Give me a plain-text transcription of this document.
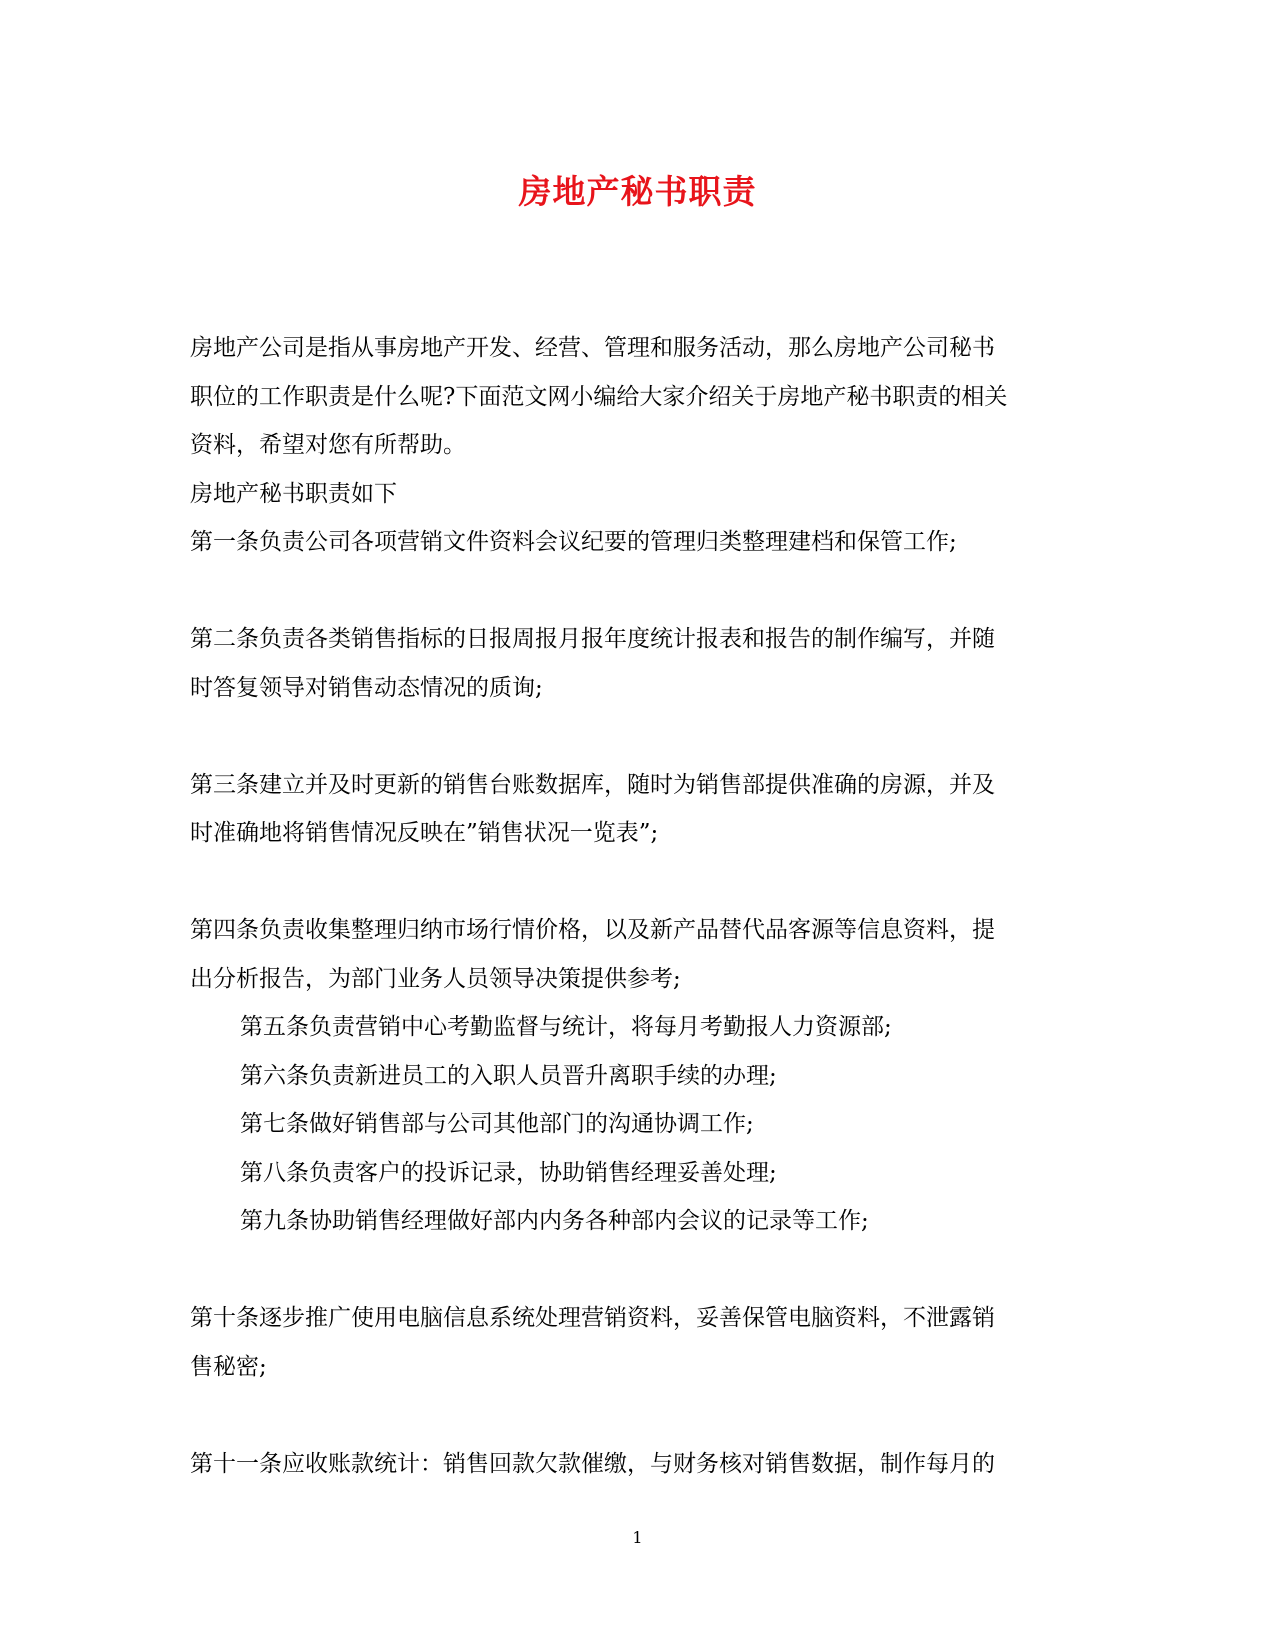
房地产秘书职责
房地产公司是指从事房地产开发、经营、管理和服务活动，那么房地产公司秘书
职位的工作职责是什么呢?下面范文网小编给大家介绍关于房地产秘书职责的相关
资料，希望对您有所帮助。
房地产秘书职责如下
第一条负责公司各项营销文件资料会议纪要的管理归类整理建档和保管工作;
第二条负责各类销售指标的日报周报月报年度统计报表和报告的制作编写，并随
时答复领导对销售动态情况的质询;
第三条建立并及时更新的销售台账数据库，随时为销售部提供准确的房源，并及
时准确地将销售情况反映在”销售状况一览表”;
第四条负责收集整理归纳市场行情价格，以及新产品替代品客源等信息资料，提
出分析报告，为部门业务人员领导决策提供参考;
第五条负责营销中心考勤监督与统计，将每月考勤报人力资源部;
第六条负责新进员工的入职人员晋升离职手续的办理;
第七条做好销售部与公司其他部门的沟通协调工作;
第八条负责客户的投诉记录，协助销售经理妥善处理;
第九条协助销售经理做好部内内务各种部内会议的记录等工作;
第十条逐步推广使用电脑信息系统处理营销资料，妥善保管电脑资料，不泄露销
售秘密;
第十一条应收账款统计：销售回款欠款催缴，与财务核对销售数据，制作每月的
1
